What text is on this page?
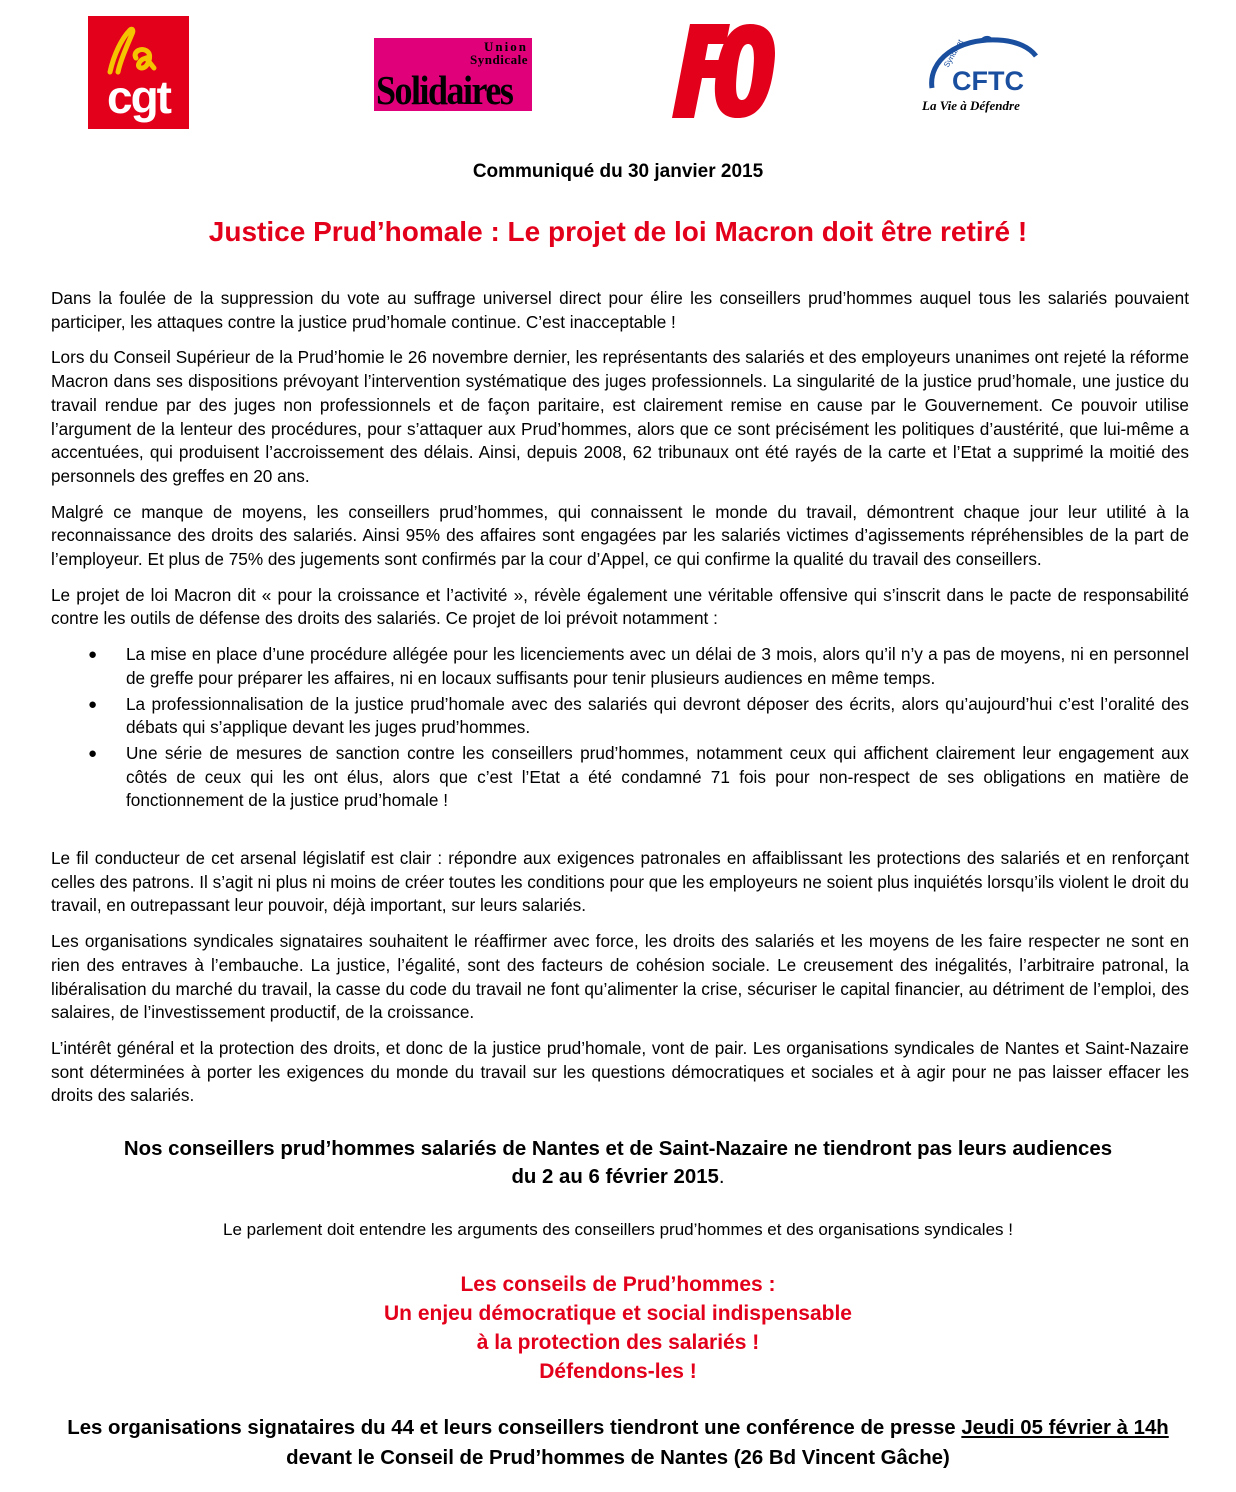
cgt
Union
Syndicale
Solidaires
Syndicat
CFTC
La Vie à Défendre
Communiqué du 30 janvier 2015
Justice Prud’homale : Le projet de loi Macron doit être retiré !

Dans la foulée de la suppression du vote au suffrage universel direct pour élire les conseillers prud’hommes auquel tous les salariés pouvaient participer, les attaques contre la justice prud’homale continue. C’est inacceptable !

Lors du Conseil Supérieur de la Prud’homie le 26 novembre dernier, les représentants des salariés et des employeurs unanimes ont rejeté la réforme Macron dans ses dispositions prévoyant l’intervention systématique des juges professionnels. La singularité de la justice prud’homale, une justice du travail rendue par des juges non professionnels et de façon paritaire, est clairement remise en cause par le Gouvernement. Ce pouvoir utilise l’argument de la lenteur des procédures, pour s’attaquer aux Prud’hommes, alors que ce sont précisément les politiques d’austérité, que lui-même a accentuées, qui produisent l’accroissement des délais. Ainsi, depuis 2008, 62 tribunaux ont été rayés de la carte et l’Etat a supprimé la moitié des personnels des greffes en 20 ans.

Malgré ce manque de moyens, les conseillers prud’hommes, qui connaissent le monde du travail, démontrent chaque jour leur utilité à la reconnaissance des droits des salariés. Ainsi 95% des affaires sont engagées par les salariés victimes d’agissements répréhensibles de la part de l’employeur. Et plus de 75% des jugements sont confirmés par la cour d’Appel, ce qui confirme la qualité du travail des conseillers.

Le projet de loi Macron dit « pour la croissance et l’activité », révèle également une véritable offensive qui s’inscrit dans le pacte de responsabilité contre les outils de défense des droits des salariés. Ce projet de loi prévoit notamment :

● La mise en place d’une procédure allégée pour les licenciements avec un délai de 3 mois, alors qu’il n’y a pas de moyens, ni en personnel de greffe pour préparer les affaires, ni en locaux suffisants pour tenir plusieurs audiences en même temps.
● La professionnalisation de la justice prud’homale avec des salariés qui devront déposer des écrits, alors qu’aujourd’hui c’est l’oralité des débats qui s’applique devant les juges prud’hommes.
● Une série de mesures de sanction contre les conseillers prud’hommes, notamment ceux qui affichent clairement leur engagement aux côtés de ceux qui les ont élus, alors que c’est l’Etat a été condamné 71 fois pour non-respect de ses obligations en matière de fonctionnement de la justice prud’homale !

Le fil conducteur de cet arsenal législatif est clair : répondre aux exigences patronales en affaiblissant les protections des salariés et en renforçant celles des patrons. Il s’agit ni plus ni moins de créer toutes les conditions pour que les employeurs ne soient plus inquiétés lorsqu’ils violent le droit du travail, en outrepassant leur pouvoir, déjà important, sur leurs salariés.

Les organisations syndicales signataires souhaitent le réaffirmer avec force, les droits des salariés et les moyens de les faire respecter ne sont en rien des entraves à l’embauche. La justice, l’égalité, sont des facteurs de cohésion sociale. Le creusement des inégalités, l’arbitraire patronal, la libéralisation du marché du travail, la casse du code du travail ne font qu’alimenter la crise, sécuriser le capital financier, au détriment de l’emploi, des salaires, de l’investissement productif, de la croissance.

L’intérêt général et la protection des droits, et donc de la justice prud’homale, vont de pair. Les organisations syndicales de Nantes et Saint-Nazaire sont déterminées à porter les exigences du monde du travail sur les questions démocratiques et sociales et à agir pour ne pas laisser effacer les droits des salariés.

Nos conseillers prud’hommes salariés de Nantes et de Saint-Nazaire ne tiendront pas leurs audiences
du 2 au 6 février 2015.
Le parlement doit entendre les arguments des conseillers prud’hommes et des organisations syndicales !
Les conseils de Prud’hommes :
Un enjeu démocratique et social indispensable
à la protection des salariés !
Défendons-les !
Les organisations signataires du 44 et leurs conseillers tiendront une conférence de presse Jeudi 05 février à 14h
devant le Conseil de Prud’hommes de Nantes (26 Bd Vincent Gâche)
